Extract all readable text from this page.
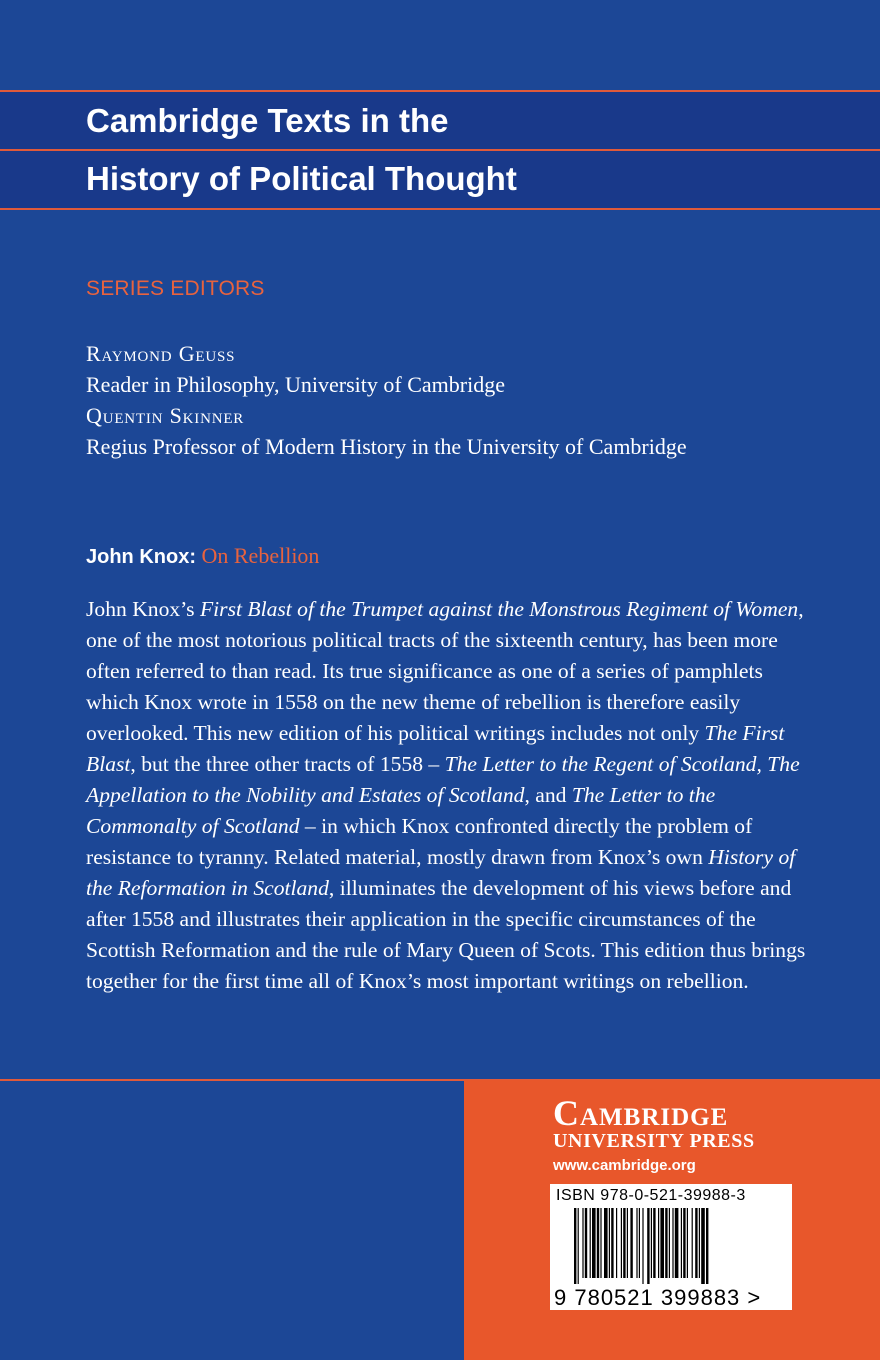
Cambridge Texts in the
History of Political Thought
SERIES EDITORS
Raymond Geuss
Reader in Philosophy, University of Cambridge
Quentin Skinner
Regius Professor of Modern History in the University of Cambridge
John Knox: On Rebellion
John Knox’s First Blast of the Trumpet against the Monstrous Regiment of Women, one of the most notorious political tracts of the sixteenth century, has been more often referred to than read. Its true significance as one of a series of pamphlets which Knox wrote in 1558 on the new theme of rebellion is therefore easily overlooked. This new edition of his political writings includes not only The First Blast, but the three other tracts of 1558 – The Letter to the Regent of Scotland, The Appellation to the Nobility and Estates of Scotland, and The Letter to the Commonalty of Scotland – in which Knox confronted directly the problem of resistance to tyranny. Related material, mostly drawn from Knox’s own History of the Reformation in Scotland, illuminates the development of his views before and after 1558 and illustrates their application in the specific circumstances of the Scottish Reformation and the rule of Mary Queen of Scots. This edition thus brings together for the first time all of Knox’s most important writings on rebellion.
Cambridge
UNIVERSITY PRESS
www.cambridge.org
ISBN 978-0-521-39988-3
9 780521 399883 >
